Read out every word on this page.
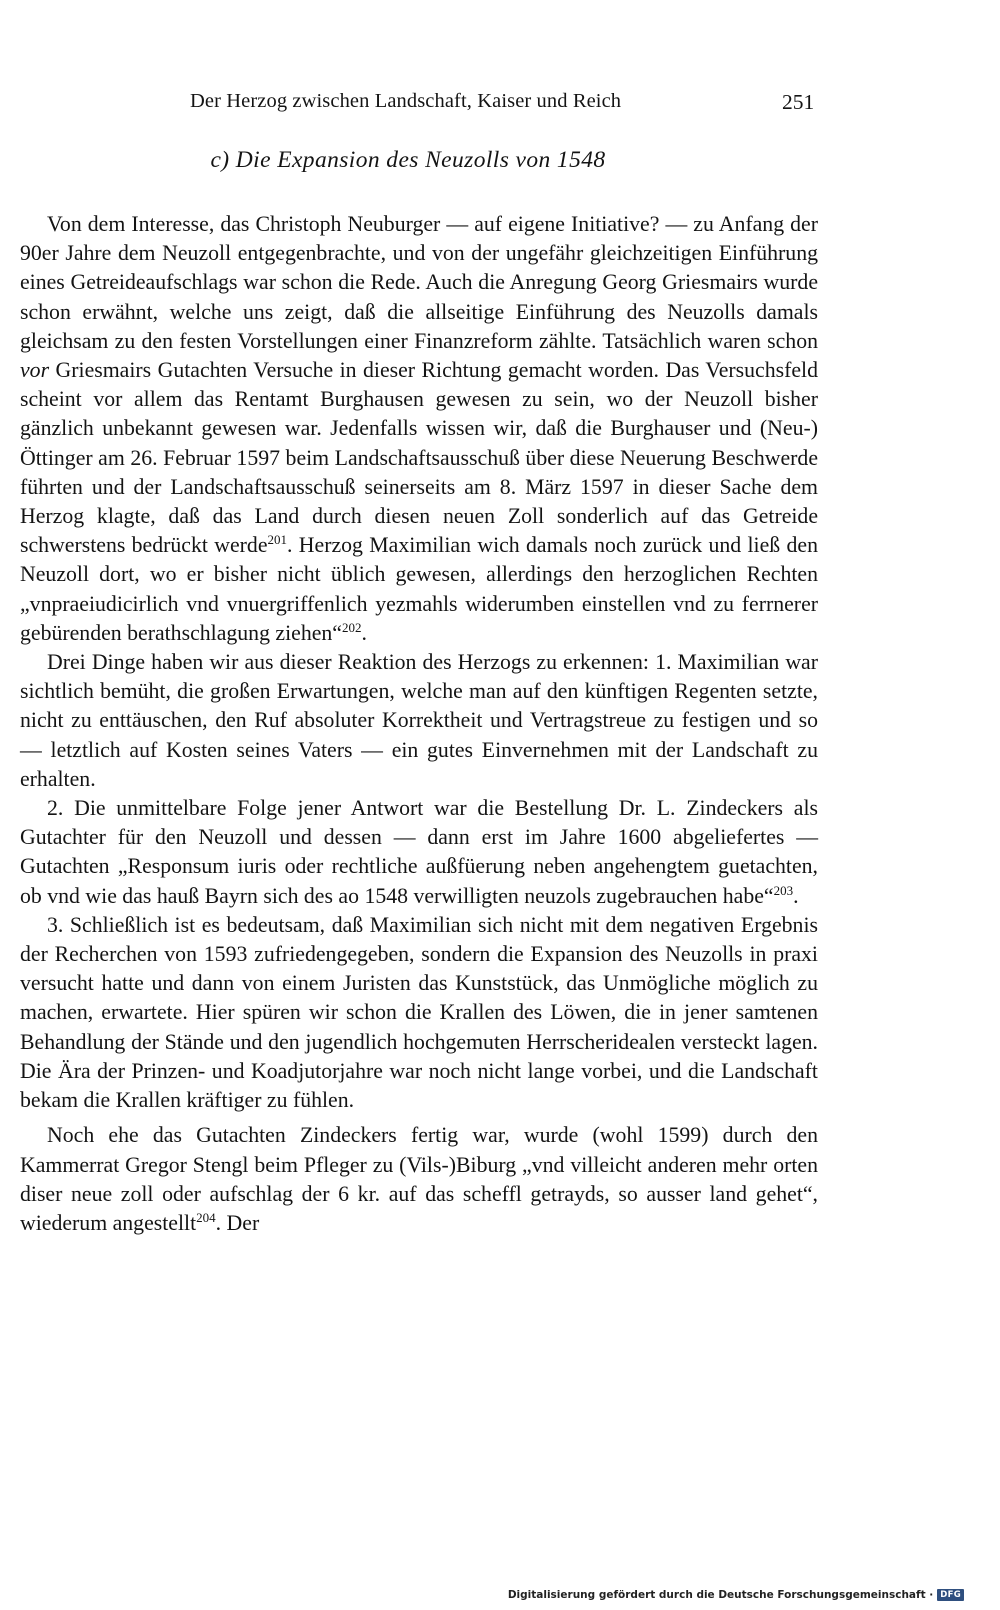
Der Herzog zwischen Landschaft, Kaiser und Reich	251
c) Die Expansion des Neuzolls von 1548

Von dem Interesse, das Christoph Neuburger — auf eigene Initiative? — zu Anfang der 90er Jahre dem Neuzoll entgegenbrachte, und von der ungefähr gleichzeitigen Einführung eines Getreideaufschlags war schon die Rede. Auch die Anregung Georg Griesmairs wurde schon erwähnt, welche uns zeigt, daß die allseitige Einführung des Neuzolls damals gleichsam zu den festen Vorstellungen einer Finanzreform zählte. Tatsächlich waren schon vor Griesmairs Gutachten Versuche in dieser Richtung gemacht worden. Das Versuchsfeld scheint vor allem das Rentamt Burghausen gewesen zu sein, wo der Neuzoll bisher gänzlich unbekannt gewesen war. Jedenfalls wissen wir, daß die Burghauser und (Neu-) Öttinger am 26. Februar 1597 beim Landschaftsausschuß über diese Neuerung Beschwerde führten und der Landschaftsausschuß seinerseits am 8. März 1597 in dieser Sache dem Herzog klagte, daß das Land durch diesen neuen Zoll sonderlich auf das Getreide schwerstens bedrückt werde$^{201}$. Herzog Maximilian wich damals noch zurück und ließ den Neuzoll dort, wo er bisher nicht üblich gewesen, allerdings den herzoglichen Rechten „vnpraeiudicirlich vnd vnuergriffenlich yezmahls widerumben einstellen vnd zu ferrnerer gebürenden berathschlagung ziehen“$^{202}$.

Drei Dinge haben wir aus dieser Reaktion des Herzogs zu erkennen: 1. Maximilian war sichtlich bemüht, die großen Erwartungen, welche man auf den künftigen Regenten setzte, nicht zu enttäuschen, den Ruf absoluter Korrektheit und Vertragstreue zu festigen und so — letztlich auf Kosten seines Vaters — ein gutes Einvernehmen mit der Landschaft zu erhalten.

2. Die unmittelbare Folge jener Antwort war die Bestellung Dr. L. Zindeckers als Gutachter für den Neuzoll und dessen — dann erst im Jahre 1600 abgeliefertes — Gutachten „Responsum iuris oder rechtliche außfüerung neben angehengtem guetachten, ob vnd wie das hauß Bayrn sich des ao 1548 verwilligten neuzols zugebrauchen habe“$^{203}$.

3. Schließlich ist es bedeutsam, daß Maximilian sich nicht mit dem negativen Ergebnis der Recherchen von 1593 zufriedengegeben, sondern die Expansion des Neuzolls in praxi versucht hatte und dann von einem Juristen das Kunststück, das Unmögliche möglich zu machen, erwartete. Hier spüren wir schon die Krallen des Löwen, die in jener samtenen Behandlung der Stände und den jugendlich hochgemuten Herrscheridealen versteckt lagen. Die Ära der Prinzen- und Koadjutorjahre war noch nicht lange vorbei, und die Landschaft bekam die Krallen kräftiger zu fühlen.

Noch ehe das Gutachten Zindeckers fertig war, wurde (wohl 1599) durch den Kammerrat Gregor Stengl beim Pfleger zu (Vils-)Biburg „vnd villeicht anderen mehr orten diser neue zoll oder aufschlag der 6 kr. auf das scheffl getrayds, so ausser land gehet“, wiederum angestellt$^{204}$. Der

Digitalisierung gefördert durch die Deutsche Forschungsgemeinschaft · DFG
